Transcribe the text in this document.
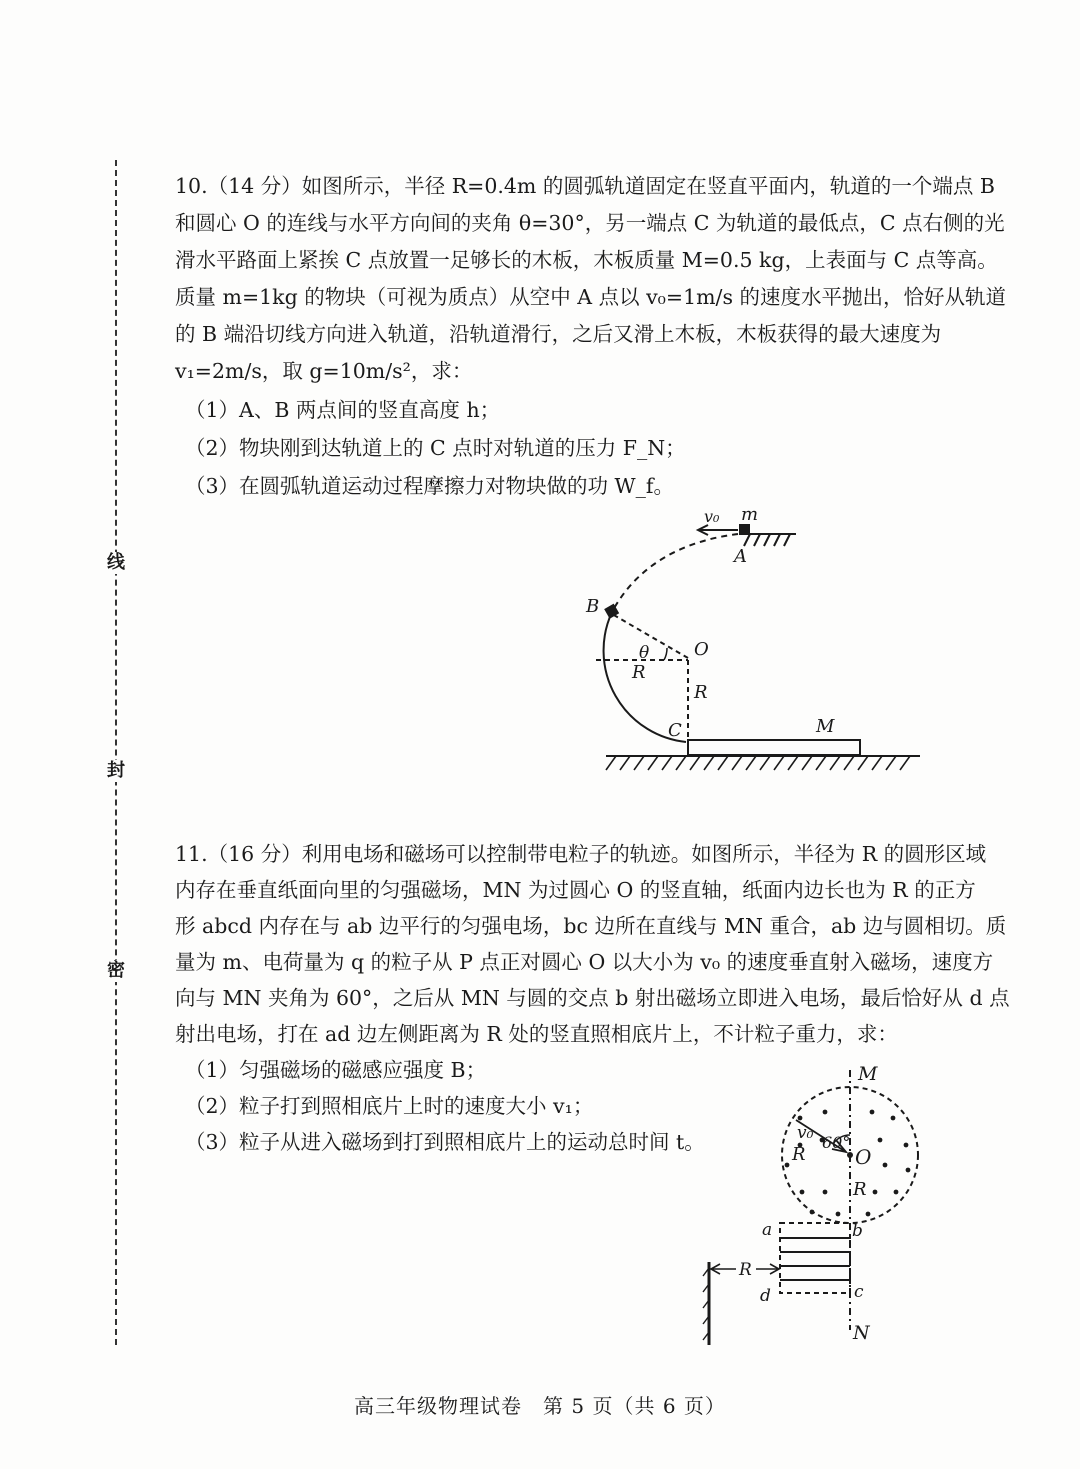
线
封
密
10.（14 分）如图所示，半径 R=0.4m 的圆弧轨道固定在竖直平面内，轨道的一个端点 B
和圆心 O 的连线与水平方向间的夹角 θ=30°，另一端点 C 为轨道的最低点，C 点右侧的光
滑水平路面上紧挨 C 点放置一足够长的木板，木板质量 M=0.5 kg，上表面与 C 点等高。
质量 m=1kg 的物块（可视为质点）从空中 A 点以 v₀=1m/s 的速度水平抛出，恰好从轨道
的 B 端沿切线方向进入轨道，沿轨道滑行，之后又滑上木板，木板获得的最大速度为
v₁=2m/s，取 g=10m/s²，求：
（1）A、B 两点间的竖直高度 h；
（2）物块刚到达轨道上的 C 点时对轨道的压力 F_N；
（3）在圆弧轨道运动过程摩擦力对物块做的功 W_f。
v₀ m
A
B
O
θ
R
R
C	M
11.（16 分）利用电场和磁场可以控制带电粒子的轨迹。如图所示，半径为 R 的圆形区域
内存在垂直纸面向里的匀强磁场，MN 为过圆心 O 的竖直轴，纸面内边长也为 R 的正方
形 abcd 内存在与 ab 边平行的匀强电场，bc 边所在直线与 MN 重合，ab 边与圆相切。质
量为 m、电荷量为 q 的粒子从 P 点正对圆心 O 以大小为 v₀ 的速度垂直射入磁场，速度方
向与 MN 夹角为 60°，之后从 MN 与圆的交点 b 射出磁场立即进入电场，最后恰好从 d 点
射出电场，打在 ad 边左侧距离为 R 处的竖直照相底片上，不计粒子重力，求：
（1）匀强磁场的磁感应强度 B；
（2）粒子打到照相底片上时的速度大小 v₁；
（3）粒子从进入磁场到打到照相底片上的运动总时间 t。
M
N
v₀ 60°
R O
R
a	b
c
d
R
高三年级物理试卷　第 5 页（共 6 页）
